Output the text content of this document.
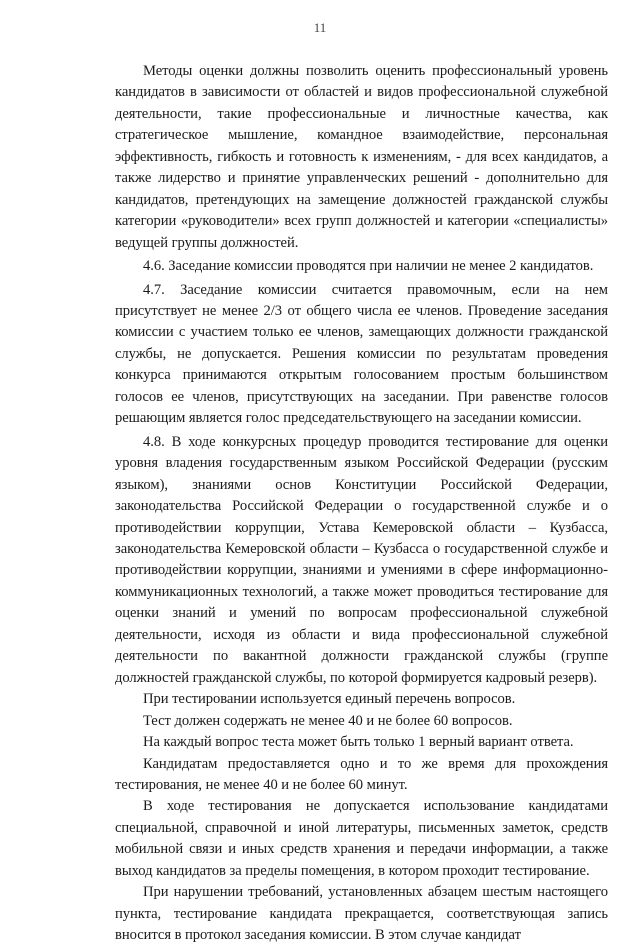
11

Методы оценки должны позволить оценить профессиональный уровень кандидатов в зависимости от областей и видов профессиональной служебной деятельности, такие профессиональные и личностные качества, как стратегическое мышление, командное взаимодействие, персональная эффективность, гибкость и готовность к изменениям, - для всех кандидатов, а также лидерство и принятие управленческих решений - дополнительно для кандидатов, претендующих на замещение должностей гражданской службы категории «руководители» всех групп должностей и категории «специалисты» ведущей группы должностей.

4.6. Заседание комиссии проводятся при наличии не менее 2 кандидатов.

4.7. Заседание комиссии считается правомочным, если на нем присутствует не менее 2/3 от общего числа ее членов. Проведение заседания комиссии с участием только ее членов, замещающих должности гражданской службы, не допускается. Решения комиссии по результатам проведения конкурса принимаются открытым голосованием простым большинством голосов ее членов, присутствующих на заседании. При равенстве голосов решающим является голос председательствующего на заседании комиссии.

4.8. В ходе конкурсных процедур проводится тестирование для оценки уровня владения государственным языком Российской Федерации (русским языком), знаниями основ Конституции Российской Федерации, законодательства Российской Федерации о государственной службе и о противодействии коррупции, Устава Кемеровской области – Кузбасса, законодательства Кемеровской области – Кузбасса о государственной службе и противодействии коррупции, знаниями и умениями в сфере информационно-коммуникационных технологий, а также может проводиться тестирование для оценки знаний и умений по вопросам профессиональной служебной деятельности, исходя из области и вида профессиональной служебной деятельности по вакантной должности гражданской службы (группе должностей гражданской службы, по которой формируется кадровый резерв).

При тестировании используется единый перечень вопросов.

Тест должен содержать не менее 40 и не более 60 вопросов.

На каждый вопрос теста может быть только 1 верный вариант ответа.

Кандидатам предоставляется одно и то же время для прохождения тестирования, не менее 40 и не более 60 минут.

В ходе тестирования не допускается использование кандидатами специальной, справочной и иной литературы, письменных заметок, средств мобильной связи и иных средств хранения и передачи информации, а также выход кандидатов за пределы помещения, в котором проходит тестирование.

При нарушении требований, установленных абзацем шестым настоящего пункта, тестирование кандидата прекращается, соответствующая запись вносится в протокол заседания комиссии. В этом случае кандидат
